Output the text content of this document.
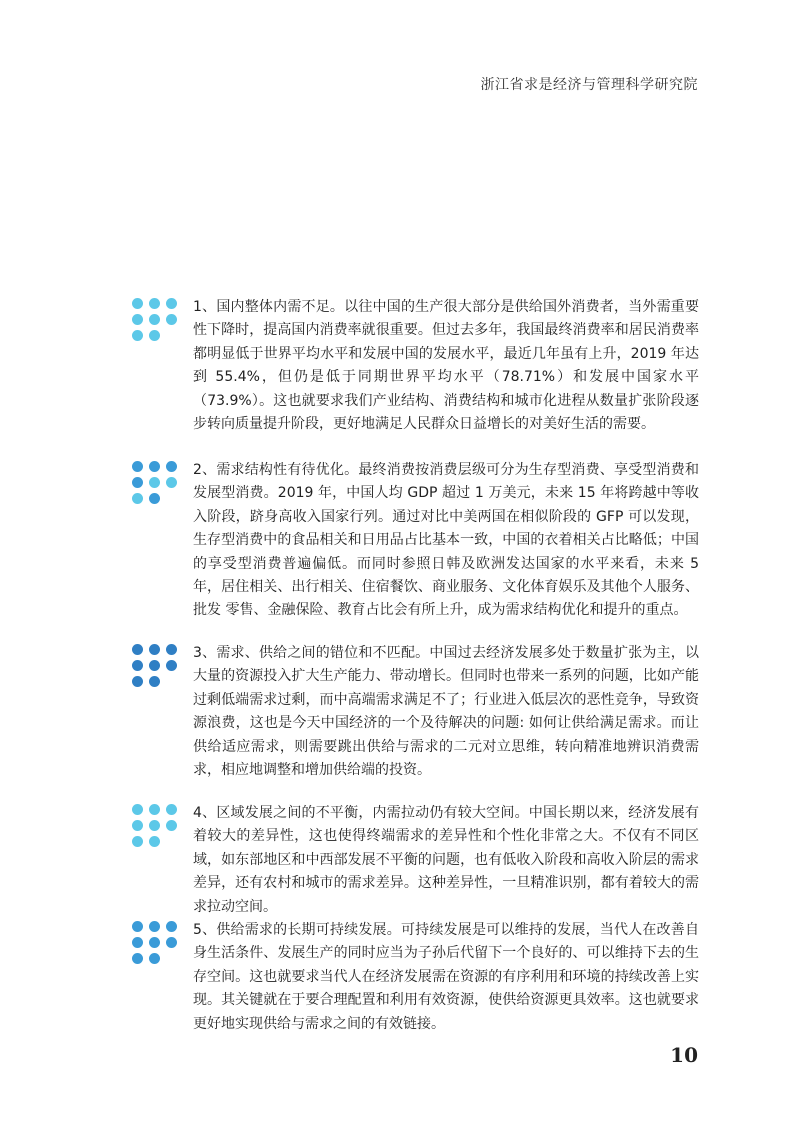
浙江省求是经济与管理科学研究院
1、国内整体内需不足。以往中国的生产很大部分是供给国外消费者，当外需重要性下降时，提高国内消费率就很重要。但过去多年，我国最终消费率和居民消费率都明显低于世界平均水平和发展中国的发展水平，最近几年虽有上升，2019 年达到 55.4%，但仍是低于同期世界平均水平（78.71%）和发展中国家水平（73.9%）。这也就要求我们产业结构、消费结构和城市化进程从数量扩张阶段逐步转向质量提升阶段，更好地满足人民群众日益增长的对美好生活的需要。
2、需求结构性有待优化。最终消费按消费层级可分为生存型消费、享受型消费和发展型消费。2019 年，中国人均 GDP 超过 1 万美元，未来 15 年将跨越中等收入阶段，跻身高收入国家行列。通过对比中美两国在相似阶段的 GFP 可以发现，生存型消费中的食品相关和日用品占比基本一致，中国的衣着相关占比略低；中国的享受型消费普遍偏低。而同时参照日韩及欧洲发达国家的水平来看，未来 5 年，居住相关、出行相关、住宿餐饮、商业服务、文化体育娱乐及其他个人服务、批发 零售、金融保险、教育占比会有所上升，成为需求结构优化和提升的重点。
3、需求、供给之间的错位和不匹配。中国过去经济发展多处于数量扩张为主，以大量的资源投入扩大生产能力、带动增长。但同时也带来一系列的问题，比如产能过剩低端需求过剩，而中高端需求满足不了；行业进入低层次的恶性竞争，导致资源浪费，这也是今天中国经济的一个及待解决的问题: 如何让供给满足需求。而让供给适应需求，则需要跳出供给与需求的二元对立思维，转向精准地辨识消费需求，相应地调整和增加供给端的投资。
4、区域发展之间的不平衡，内需拉动仍有较大空间。中国长期以来，经济发展有着较大的差异性，这也使得终端需求的差异性和个性化非常之大。不仅有不同区域，如东部地区和中西部发展不平衡的问题，也有低收入阶段和高收入阶层的需求差异，还有农村和城市的需求差异。这种差异性，一旦精准识别，都有着较大的需求拉动空间。
5、供给需求的长期可持续发展。可持续发展是可以维持的发展，当代人在改善自身生活条件、发展生产的同时应当为子孙后代留下一个良好的、可以维持下去的生存空间。这也就要求当代人在经济发展需在资源的有序利用和环境的持续改善上实现。其关键就在于要合理配置和利用有效资源，使供给资源更具效率。这也就要求更好地实现供给与需求之间的有效链接。
10
